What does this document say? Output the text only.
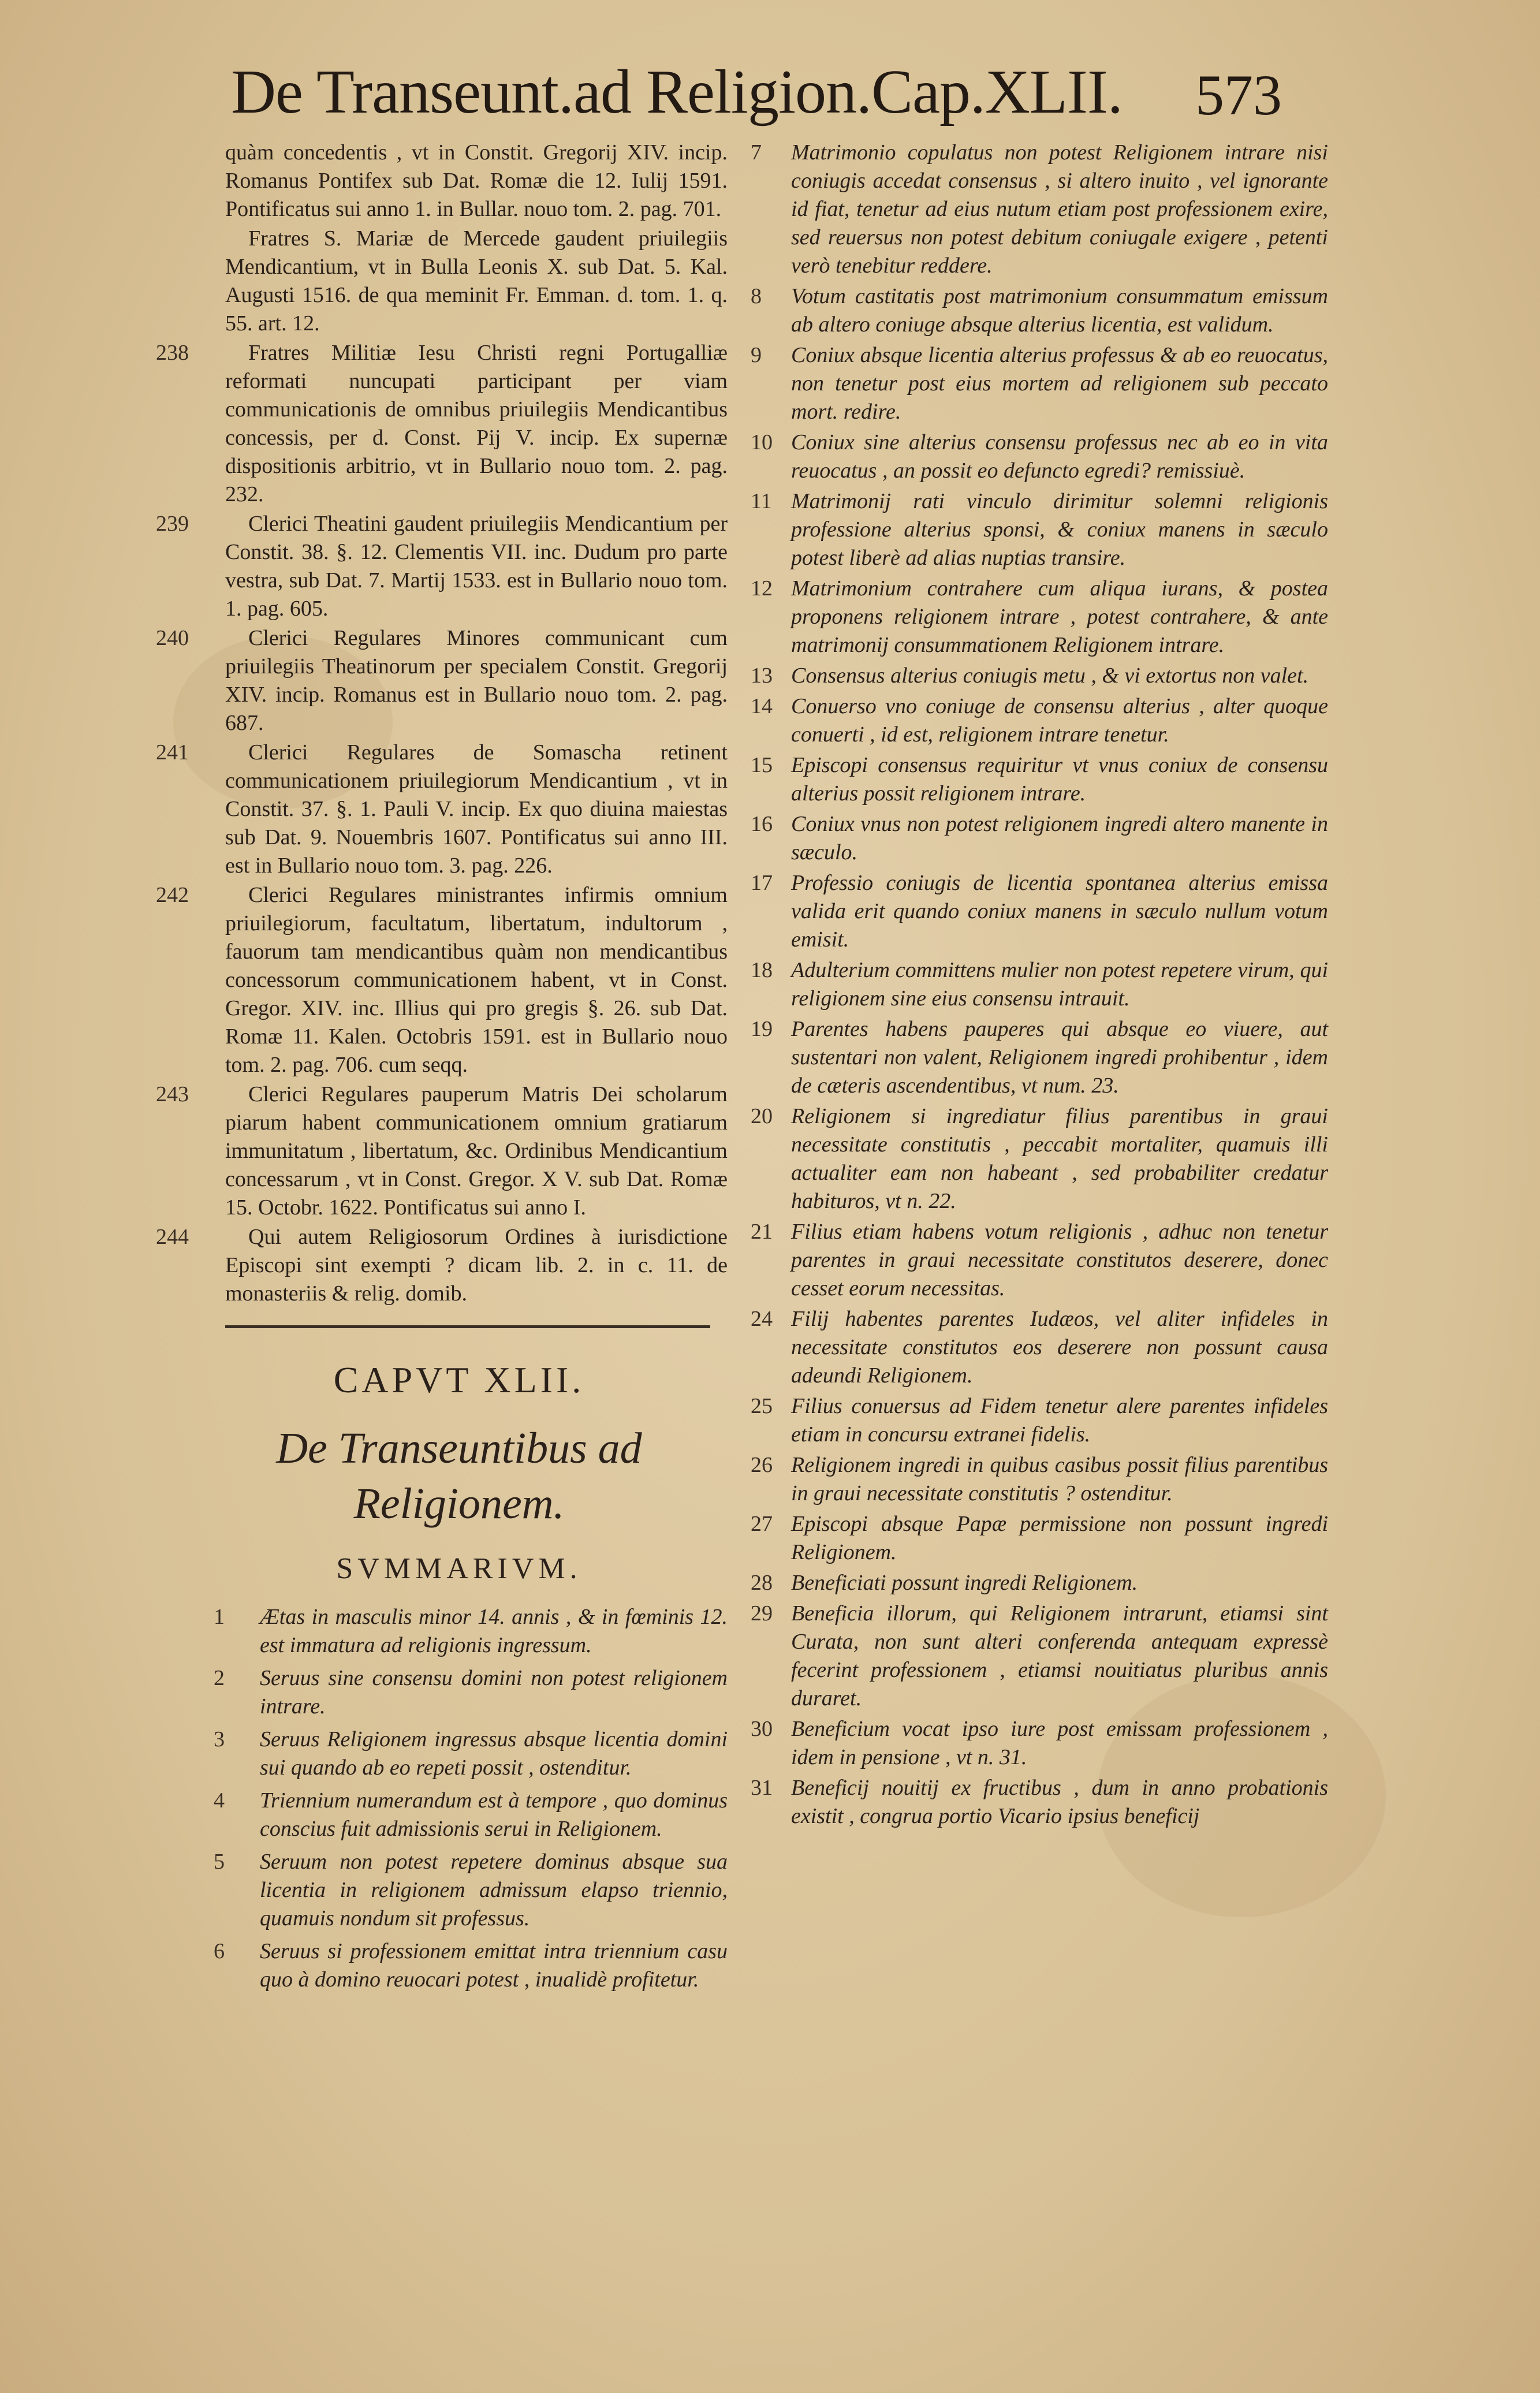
De Transeunt.ad Religion.Cap.XLII. 573
quàm concedentis , vt in Constit. Gregorij XIV. incip. Romanus Pontifex sub Dat. Romæ die 12. Iulij 1591. Pontificatus sui anno 1. in Bullar. nouo tom. 2. pag. 701.
Fratres S. Mariæ de Mercede gaudent priuilegiis Mendicantium, vt in Bulla Leonis X. sub Dat. 5. Kal. Augusti 1516. de qua meminit Fr. Emman. d. tom. 1. q. 55. art. 12.
238	Fratres Militiæ Iesu Christi regni Portugalliæ reformati nuncupati participant per viam communicationis de omnibus priuilegiis Mendicantibus concessis, per d. Const. Pij V. incip. Ex supernæ dispositionis arbitrio, vt in Bullario nouo tom. 2. pag. 232.
239	Clerici Theatini gaudent priuilegiis Mendicantium per Constit. 38. §. 12. Clementis VII. inc. Dudum pro parte vestra, sub Dat. 7. Martij 1533. est in Bullario nouo tom. 1. pag. 605.
240	Clerici Regulares Minores communicant cum priuilegiis Theatinorum per specialem Constit. Gregorij XIV. incip. Romanus est in Bullario nouo tom. 2. pag. 687.
241	Clerici Regulares de Somascha retinent communicationem priuilegiorum Mendicantium , vt in Constit. 37. §. 1. Pauli V. incip. Ex quo diuina maiestas sub Dat. 9. Nouembris 1607. Pontificatus sui anno III. est in Bullario nouo tom. 3. pag. 226.
242	Clerici Regulares ministrantes infirmis omnium priuilegiorum, facultatum, libertatum, indultorum , fauorum tam mendicantibus quàm non mendicantibus concessorum communicationem habent, vt in Const. Gregor. XIV. inc. Illius qui pro gregis §. 26. sub Dat. Romæ 11. Kalen. Octobris 1591. est in Bullario nouo tom. 2. pag. 706. cum seqq.
243	Clerici Regulares pauperum Matris Dei scholarum piarum habent communicationem omnium gratiarum immunitatum , libertatum, &c. Ordinibus Mendicantium concessarum , vt in Const. Gregor. X V. sub Dat. Romæ 15. Octobr. 1622. Pontificatus sui anno I.
244	Qui autem Religiosorum Ordines à iurisdictione Episcopi sint exempti ? dicam lib. 2. in c. 11. de monasteriis & relig. domib.
CAPVT XLII.
De Transeuntibus ad Religionem.
SVMMARIVM.
1	Ætas in masculis minor 14. annis , & in fœminis 12. est immatura ad religionis ingressum.
2	Seruus sine consensu domini non potest religionem intrare.
3	Seruus Religionem ingressus absque licentia domini sui quando ab eo repeti possit , ostenditur.
4	Triennium numerandum est à tempore , quo dominus conscius fuit admissionis serui in Religionem.
5	Seruum non potest repetere dominus absque sua licentia in religionem admissum elapso triennio, quamuis nondum sit professus.
6	Seruus si professionem emittat intra triennium casu quo à domino reuocari potest , inualidè profitetur.
7	Matrimonio copulatus non potest Religionem intrare nisi coniugis accedat consensus , si altero inuito , vel ignorante id fiat, tenetur ad eius nutum etiam post professionem exire, sed reuersus non potest debitum coniugale exigere , petenti verò tenebitur reddere.
8	Votum castitatis post matrimonium consummatum emissum ab altero coniuge absque alterius licentia, est validum.
9	Coniux absque licentia alterius professus & ab eo reuocatus, non tenetur post eius mortem ad religionem sub peccato mort. redire.
10 Coniux sine alterius consensu professus nec ab eo in vita reuocatus , an possit eo defuncto egredi? remissiuè.
11 Matrimonij rati vinculo dirimitur solemni religionis professione alterius sponsi, & coniux manens in sæculo potest liberè ad alias nuptias transire.
12 Matrimonium contrahere cum aliqua iurans, & postea proponens religionem intrare , potest contrahere, & ante matrimonij consummationem Religionem intrare.
13 Consensus alterius coniugis metu , & vi extortus non valet.
14 Conuerso vno coniuge de consensu alterius , alter quoque conuerti , id est, religionem intrare tenetur.
15 Episcopi consensus requiritur vt vnus coniux de consensu alterius possit religionem intrare.
16 Coniux vnus non potest religionem ingredi altero manente in sæculo.
17 Professio coniugis de licentia spontanea alterius emissa valida erit quando coniux manens in sæculo nullum votum emisit.
18 Adulterium committens mulier non potest repetere virum, qui religionem sine eius consensu intrauit.
19 Parentes habens pauperes qui absque eo viuere, aut sustentari non valent, Religionem ingredi prohibentur , idem de cæteris ascendentibus, vt num. 23.
20 Religionem si ingrediatur filius parentibus in graui necessitate constitutis , peccabit mortaliter, quamuis illi actualiter eam non habeant , sed probabiliter credatur habituros, vt n. 22.
21 Filius etiam habens votum religionis , adhuc non tenetur parentes in graui necessitate constitutos deserere, donec cesset eorum necessitas.
24 Filij habentes parentes Iudæos, vel aliter infideles in necessitate constitutos eos deserere non possunt causa adeundi Religionem.
25 Filius conuersus ad Fidem tenetur alere parentes infideles etiam in concursu extranei fidelis.
26 Religionem ingredi in quibus casibus possit filius parentibus in graui necessitate constitutis ? ostenditur.
27 Episcopi absque Papæ permissione non possunt ingredi Religionem.
28 Beneficiati possunt ingredi Religionem.
29 Beneficia illorum, qui Religionem intrarunt, etiamsi sint Curata, non sunt alteri conferenda antequam expressè fecerint professionem , etiamsi nouitiatus pluribus annis duraret.
30 Beneficium vocat ipso iure post emissam professionem , idem in pensione , vt n. 31.
31 Beneficij nouitij ex fructibus , dum in anno probationis existit , congrua portio Vicario ipsius beneficij
